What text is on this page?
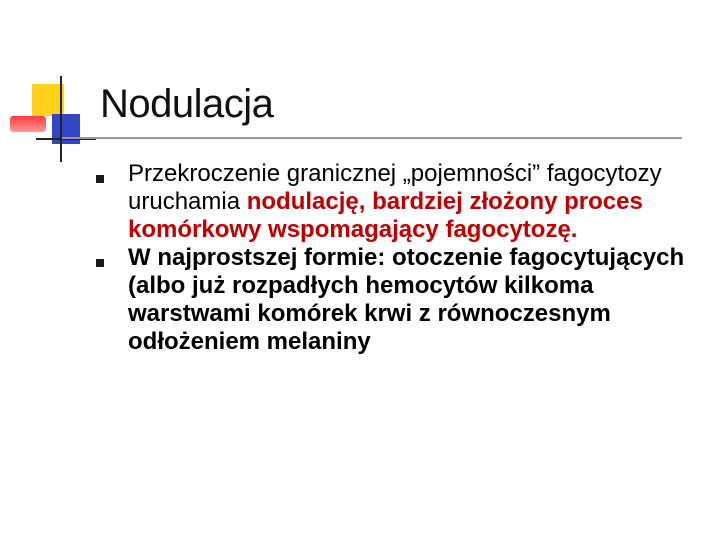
Nodulacja
Przekroczenie granicznej „pojemności” fagocytozy uruchamia nodulację, bardziej złożony proces komórkowy wspomagający fagocytozę.
W najprostszej formie: otoczenie fagocytujących (albo już rozpadłych hemocytów kilkoma warstwami komórek krwi z równoczesnym odłożeniem melaniny
